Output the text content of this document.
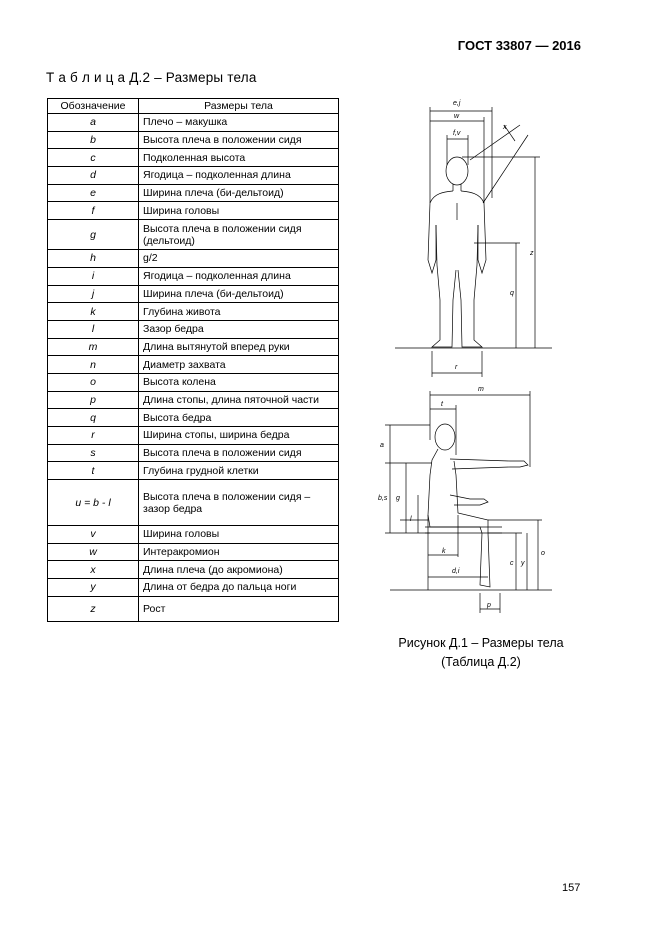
ГОСТ 33807 — 2016
Т а б л и ц а Д.2 – Размеры тела
Обозначение	Размеры тела
a	Плечо – макушка
b	Высота плеча в положении сидя
c	Подколенная высота
d	Ягодица – подколенная длина
e	Ширина плеча (би-дельтоид)
f	Ширина головы
g	Высота плеча в положении сидя (дельтоид)
h	g/2
i	Ягодица – подколенная длина
j	Ширина плеча (би-дельтоид)
k	Глубина живота
l	Зазор бедра
m	Длина вытянутой вперед руки
n	Диаметр захвата
o	Высота колена
p	Длина стопы, длина пяточной части
q	Высота бедра
r	Ширина стопы, ширина бедра
s	Высота плеча в положении сидя
t	Глубина грудной клетки
u = b - l	Высота плеча в положении сидя – зазор бедра
v	Ширина головы
w	Интеракромион
x	Длина плеча (до акромиона)
y	Длина от бедра до пальца ноги
z	Рост
e,j
w
f,v
x
z
q
r
m
t
a
b,s g
l
k
d,i
c y
o
p
Рисунок Д.1 – Размеры тела
(Таблица Д.2)
157
